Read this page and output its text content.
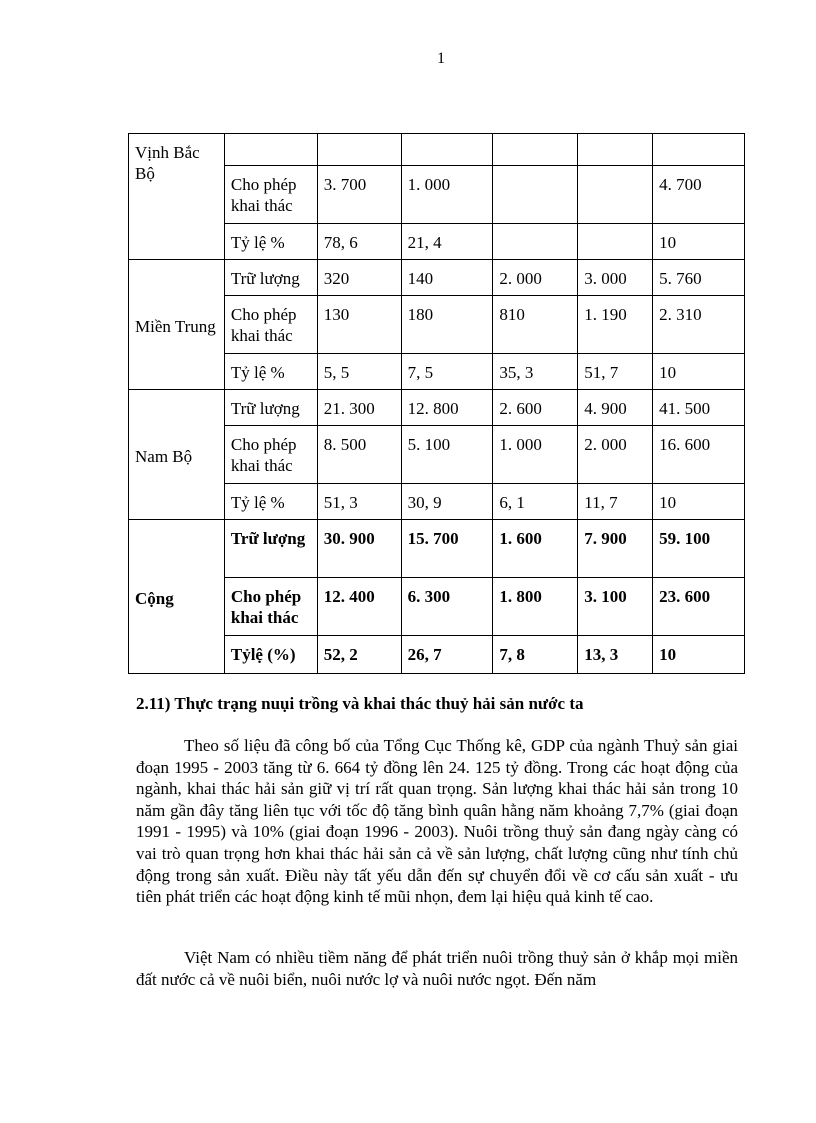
1
Vịnh Bắc Bộ						
	Cho phép khai thác	3. 700	1. 000			4. 700
	Tỷ lệ %	78, 6	21, 4			10
Miền Trung	Trữ lượng	320	140	2. 000	3. 000	5. 760
	Cho phép khai thác	130	180	810	1. 190	2. 310
	Tỷ lệ %	5, 5	7, 5	35, 3	51, 7	10
Nam Bộ	Trữ lượng	21. 300	12. 800	2. 600	4. 900	41. 500
	Cho phép khai thác	8. 500	5. 100	1. 000	2. 000	16. 600
	Tỷ lệ %	51, 3	30, 9	6, 1	11, 7	10
Cộng	Trữ lượng	30. 900	15. 700	1. 600	7. 900	59. 100
	Cho phép khai thác	12. 400	6. 300	1. 800	3. 100	23. 600
	Tỷlệ (%)	52, 2	26, 7	7, 8	13, 3	10
2.11) Thực trạng nuụi trồng và khai thác thuỷ hải sản nước ta

Theo số liệu đã công bố của Tổng Cục Thống kê, GDP của ngành Thuỷ sản giai đoạn 1995 - 2003 tăng từ 6. 664 tỷ đồng lên 24. 125 tỷ đồng. Trong các hoạt động của ngành, khai thác hải sản giữ vị trí rất quan trọng. Sản lượng khai thác hải sản trong 10 năm gần đây tăng liên tục với tốc độ tăng bình quân hằng năm khoảng 7,7% (giai đoạn 1991 - 1995) và 10% (giai đoạn 1996 - 2003). Nuôi trồng thuỷ sản đang ngày càng có vai trò quan trọng hơn khai thác hải sản cả về sản lượng, chất lượng cũng như tính chủ động trong sản xuất. Điều này tất yếu dẫn đến sự chuyển đổi về cơ cấu sản xuất - ưu tiên phát triển các hoạt động kinh tế mũi nhọn, đem lại hiệu quả kinh tế cao.

Việt Nam có nhiều tiềm năng để phát triển nuôi trồng thuỷ sản ở khắp mọi miền đất nước cả về nuôi biển, nuôi nước lợ và nuôi nước ngọt. Đến năm
